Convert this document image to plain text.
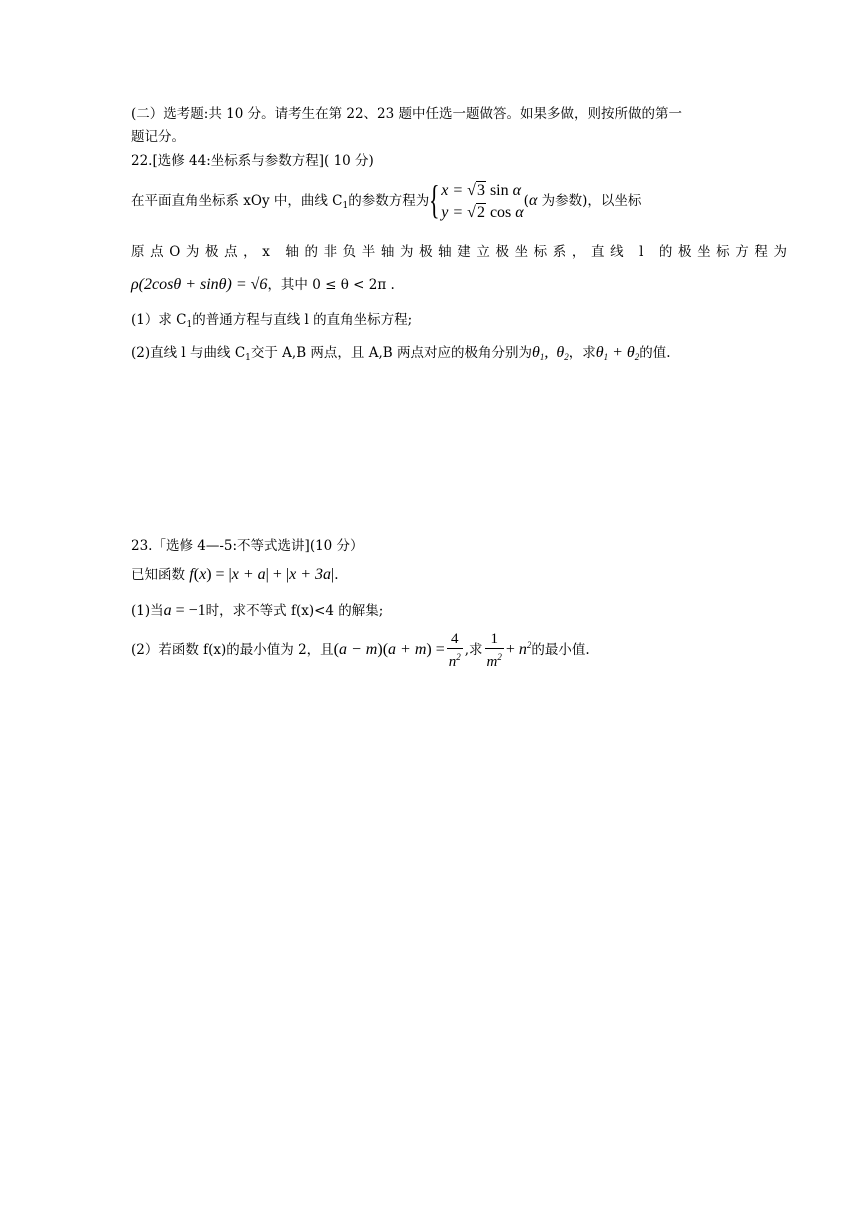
(二）选考题:共 10 分。请考生在第 22、23 题中任选一题做答。如果多做，则按所做的第一
题记分。
22.[选修 44:坐标系与参数方程]( 10 分)
在平面直角坐标系 xOy 中，曲线 $C_1$的参数方程为 { x = √3 sin α
y = √2 cos α
(α 为参数)，以坐标
原点O为极点，x 轴的非负半轴为极轴建立极坐标系，直线 l 的极坐标方程为
ρ(2cosθ + sinθ) = √6，其中 0 ≤ θ < 2π .
(1）求 $C_1$的普通方程与直线 l 的直角坐标方程;
(2)直线 l 与曲线 $C_1$交于 A,B 两点，且 A,B 两点对应的极角分别为$\theta_1$,  $\theta_2$，求$\theta_1 + \theta_2$的值.
23.「选修 4—-5:不等式选讲](10 分）
已知函数 f(x) = |x + a| + |x + 3a|.
(1)当a = −1时，求不等式 f(x)<4 的解集;
(2）若函数 f(x)的最小值为 2，且$(a - m)(a + m) = \frac{4}{n^2}$ ,求 $\frac{1}{m^2} + n^2$的最小值.
